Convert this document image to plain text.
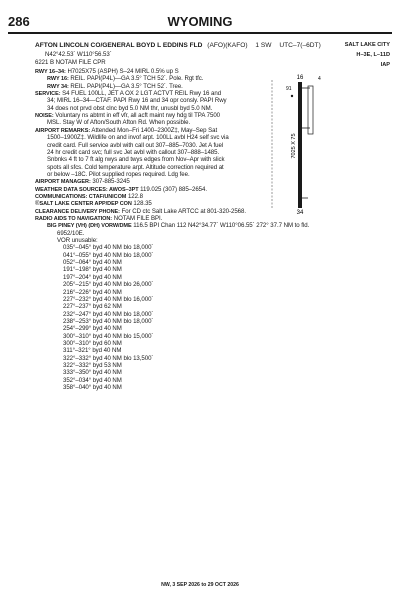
286	WYOMING
AFTON LINCOLN CO/GENERAL BOYD L EDDINS FLD (AFO)(KAFO) 1 SW UTC–7(–6DT)	SALT LAKE CITY
H–3E, L–11D
IAP
N42°42.53´ W110°56.53´
6221 B NOTAM FILE CPR
RWY 16–34: H7025X75 (ASPH) S–24 MIRL 0.5% up S
RWY 16: REIL. PAPI(P4L)—GA 3.5° TCH 52´. Pole. Rgt tfc.
RWY 34: REIL. PAPI(P4L)—GA 3.5° TCH 52´. Tree.
SERVICE: S4 FUEL 100LL, JET A OX 2 LGT ACTVT REIL Rwy 16 and
34; MIRL 16–34—CTAF. PAPI Rwy 16 and 34 opr consly. PAPI Rwy
34 does not prvd obst clnc byd 5.0 NM thr, unusbl byd 5.0 NM.
NOISE: Voluntary ns abtmt in eff vfr, all acft maint rwy hdg til TPA 7500
MSL. Stay W of Afton/South Afton Rd. When possible.
AIRPORT REMARKS: Attended Mon–Fri 1400–2300Z‡, May–Sep Sat
1500–1900Z‡. Wildlife on and invof arpt. 100LL avbl H24 self svc via
credit card. Full service avbl with call out 307–885–7030. Jet A fuel
24 hr credit card svc; full svc Jet avbl with callout 307–888–1485.
Snbnks 4 ft to 7 ft alg rwys and twys edges from Nov–Apr with slick
spots all sfcs. Cold temperature arpt. Altitude correction required at
or below –18C. Pilot supplied ropes required. Ldg fee.
AIRPORT MANAGER: 307-885-3245
WEATHER DATA SOURCES: AWOS–3PT 119.025 (307) 885–2654.
COMMUNICATIONS: CTAF/UNICOM 122.8
®SALT LAKE CENTER APP/DEP CON 128.35
CLEARANCE DELIVERY PHONE: For CD ctc Salt Lake ARTCC at 801-320-2568.
RADIO AIDS TO NAVIGATION: NOTAM FILE BPI.
BIG PINEY (VH) (DH) VORW/DME 116.5 BPI Chan 112 N42°34.77´ W110°06.55´ 272° 37.7 NM to fld.
6952/10E.
VOR unusable:
035°–045° byd 40 NM blo 18,000´
041°–055° byd 40 NM blo 18,000´
052°–064° byd 40 NM
191°–198° byd 40 NM
197°–204° byd 40 NM
205°–215° byd 40 NM blo 26,000´
216°–226° byd 40 NM
227°–232° byd 40 NM blo 16,000´
227°–237° byd 62 NM
232°–247° byd 40 NM blo 18,000´
238°–253° byd 40 NM blo 18,000´
254°–299° byd 40 NM
300°–310° byd 40 NM blo 15,000´
300°–310° byd 60 NM
311°–321° byd 40 NM
322°–332° byd 40 NM blo 13,500´
322°–332° byd 53 NM
333°–350° byd 40 NM
352°–034° byd 40 NM
358°–040° byd 40 NM
16
34
7025 X 75
91
4
NW, 3 SEP 2026 to 29 OCT 2026
